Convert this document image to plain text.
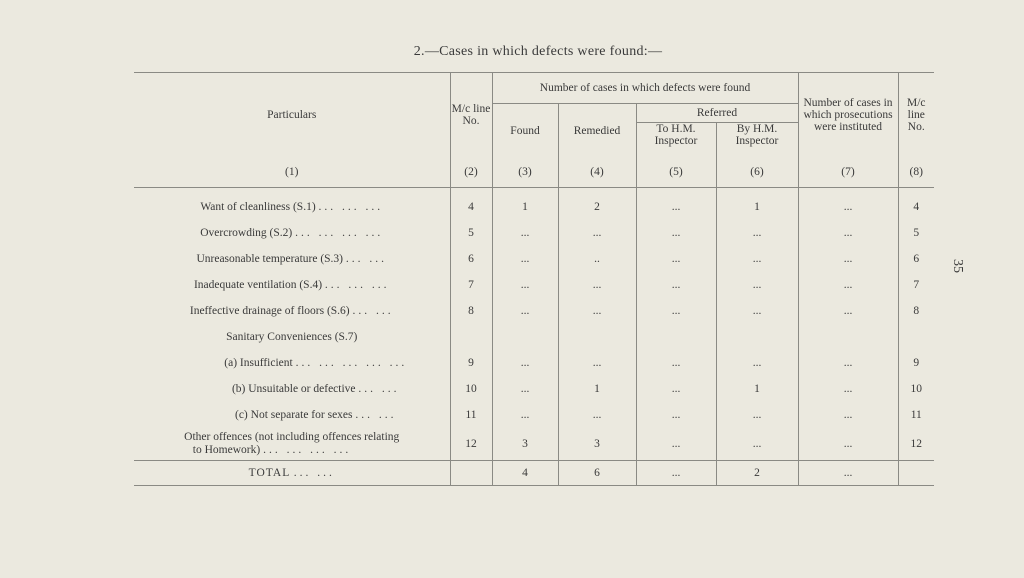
2.—Cases in which defects were found:—
35
Particulars	M/c line No.	Number of cases in which defects were found				Number of cases in which prosecutions were instituted	M/c line No.
		Found	Remedied	Referred			
				To H.M. Inspector	By H.M. Inspector		
(1)	(2)	(3)	(4)	(5)	(6)	(7)	(8)
Want of cleanliness (S.1) ... ... ...	4	1	2	...	1	...	4
Overcrowding (S.2) ... ... ... ...	5	...	...	...	...	...	5
Unreasonable temperature (S.3) ... ...	6	...	..	...	...	...	6
Inadequate ventilation (S.4) ... ... ...	7	...	...	...	...	...	7
Ineffective drainage of floors (S.6) ... ...	8	...	...	...	...	...	8
Sanitary Conveniences (S.7)							
(a) Insufficient ... ... ... ... ...	9	...	...	...	...	...	9
(b) Unsuitable or defective ... ...	10	...	1	...	1	...	10
(c) Not separate for sexes ... ...	11	...	...	...	...	...	11
Other offences (not including offences relating
to Homework) ... ... ... ...	12	3	3	...	...	...	12
TOTAL ... ...		4	6	...	2	...	
